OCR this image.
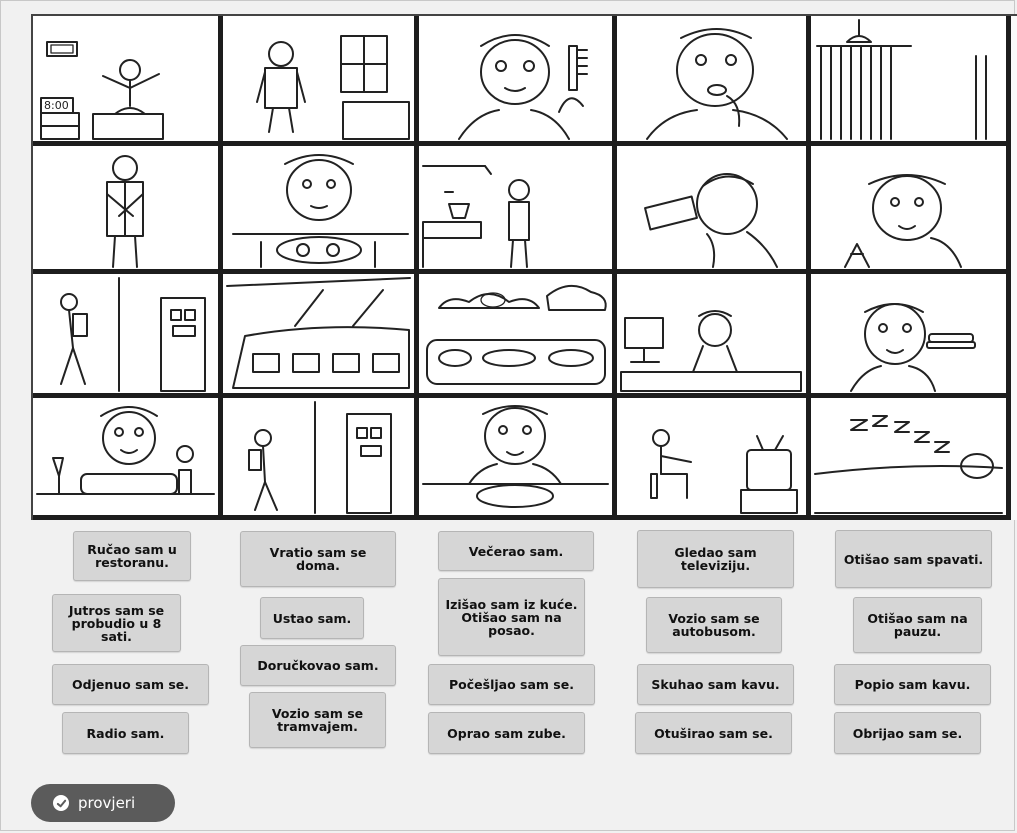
8:00
Ručao sam u restoranu.
Vratio sam se doma.
Večerao sam.	Gledao sam televiziju.	Otišao sam spavati.
Jutros sam se probudio u 8 sati.
Ustao sam.
Izišao sam iz kuće. Otišao sam na posao.
Vozio sam se autobusom.
Otišao sam na pauzu.
Doručkovao sam.
Odjenuo sam se.	Počešljao sam se.	Skuhao sam kavu.	Popio sam kavu.
Vozio sam se tramvajem.
Radio sam.	Oprao sam zube.	Otuširao sam se.	Obrijao sam se.
provjeri
